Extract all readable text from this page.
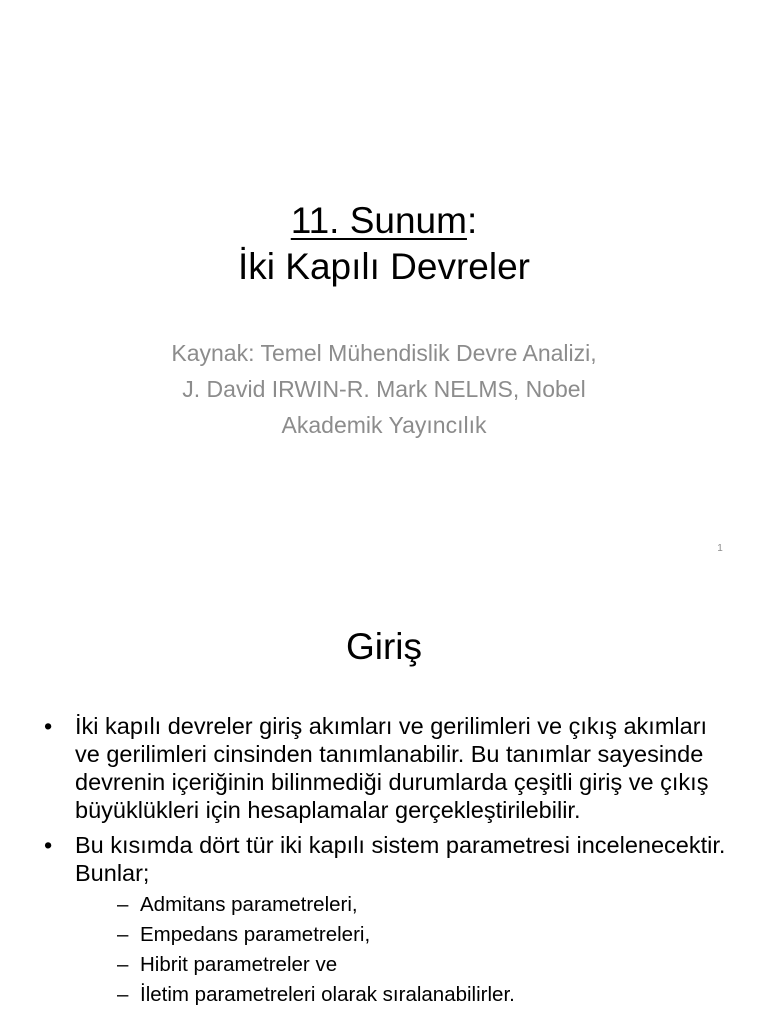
11. Sunum:
İki Kapılı Devreler
Kaynak: Temel Mühendislik Devre Analizi,
J. David IRWIN-R. Mark NELMS, Nobel
Akademik Yayıncılık
1
Giriş
• İki kapılı devreler giriş akımları ve gerilimleri ve çıkış akımları ve gerilimleri cinsinden tanımlanabilir. Bu tanımlar sayesinde devrenin içeriğinin bilinmediği durumlarda çeşitli giriş ve çıkış büyüklükleri için hesaplamalar gerçekleştirilebilir.
• Bu kısımda dört tür iki kapılı sistem parametresi incelenecektir. Bunlar;
– Admitans parametreleri,
– Empedans parametreleri,
– Hibrit parametreler ve
– İletim parametreleri olarak sıralanabilirler.
